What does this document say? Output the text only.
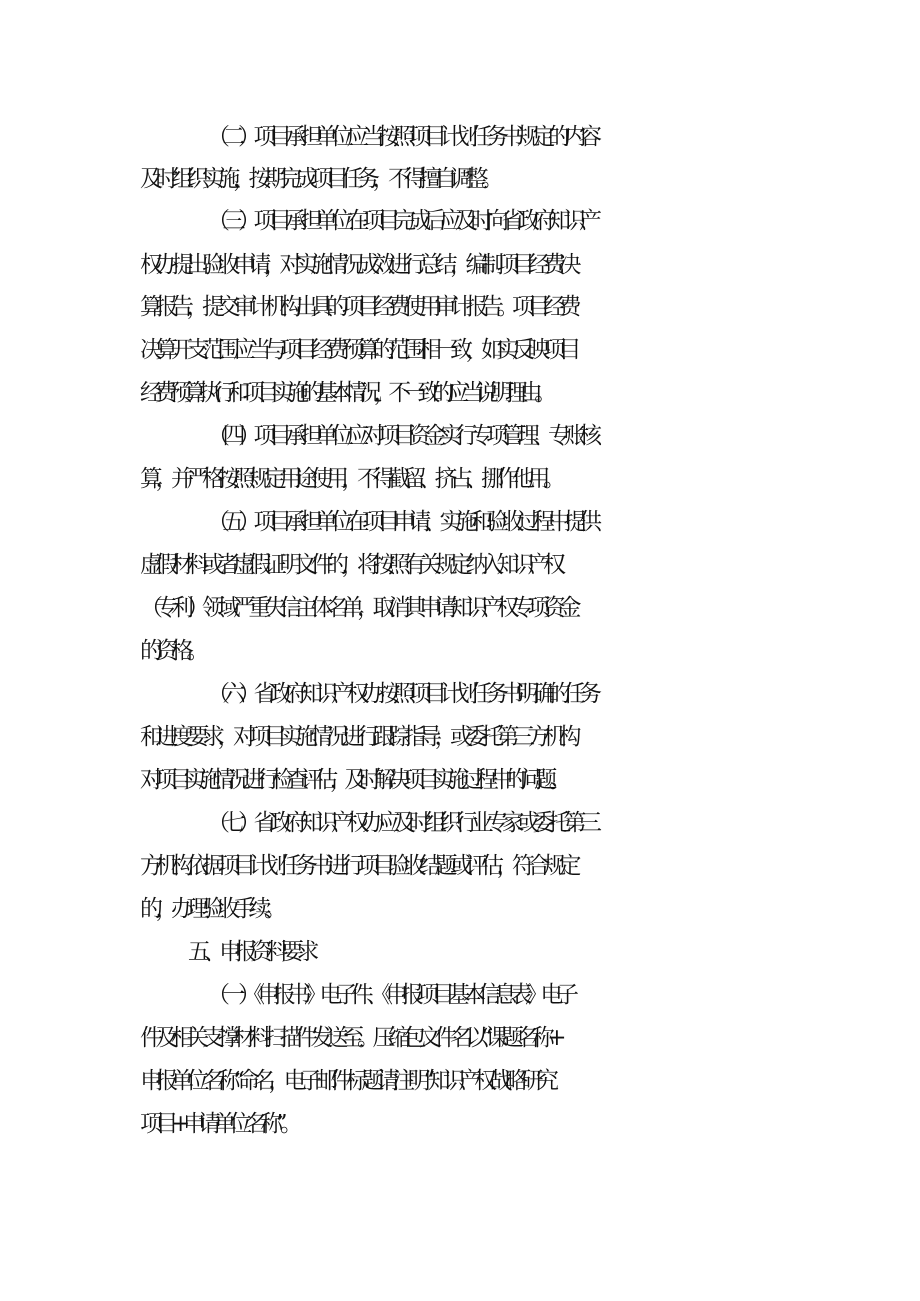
（二）项目承担单位应当按照项目计划任务书规定的内容
及时组织实施，按期完成项目任务，不得擅自调整。
（三）项目承担单位在项目完成后应及时向省政府知识产
权办提出验收申请，对实施情况成效进行总结，编制项目经费决
算报告，提交审计机构出具的项目经费使用审计报告。项目经费
决算开支范围应当与项目经费预算的范围相一致，如实反映项目
经费预算执行和项目实施的基本情况，不一致的应当说明理由。
（四）项目承担单位应对项目资金实行专项管理、专账核
算，并严格按照规定用途使用，不得截留、挤占、挪作他用。
（五）项目承担单位在项目申请、实施和验收过程中提供
虚假材料或者虚假证明文件的，将按照有关规定纳入知识产权
（专利）领域严重失信主体名单，取消其申请知识产权专项资金
的资格。
（六）省政府知识产权办按照项目计划任务书明确的任务
和进度要求，对项目实施情况进行跟踪指导，或委托第三方机构
对项目实施情况进行检查评估，及时解决项目实施过程中的问题。
（七）省政府知识产权办应及时组织行业专家或委托第三
方机构依据项目计划任务书进行项目验收结题或评估，符合规定
的，办理验收手续。
五、申报资料要求
（一）《申报书》电子件、《申报项目基本信息表》电子
件及相关支撑材料扫描件发送至。压缩包文件名以“课题名称+
申报单位名称“命名，电子邮件标题请注明“知识产权战略研究
项目+申请单位名称”。
